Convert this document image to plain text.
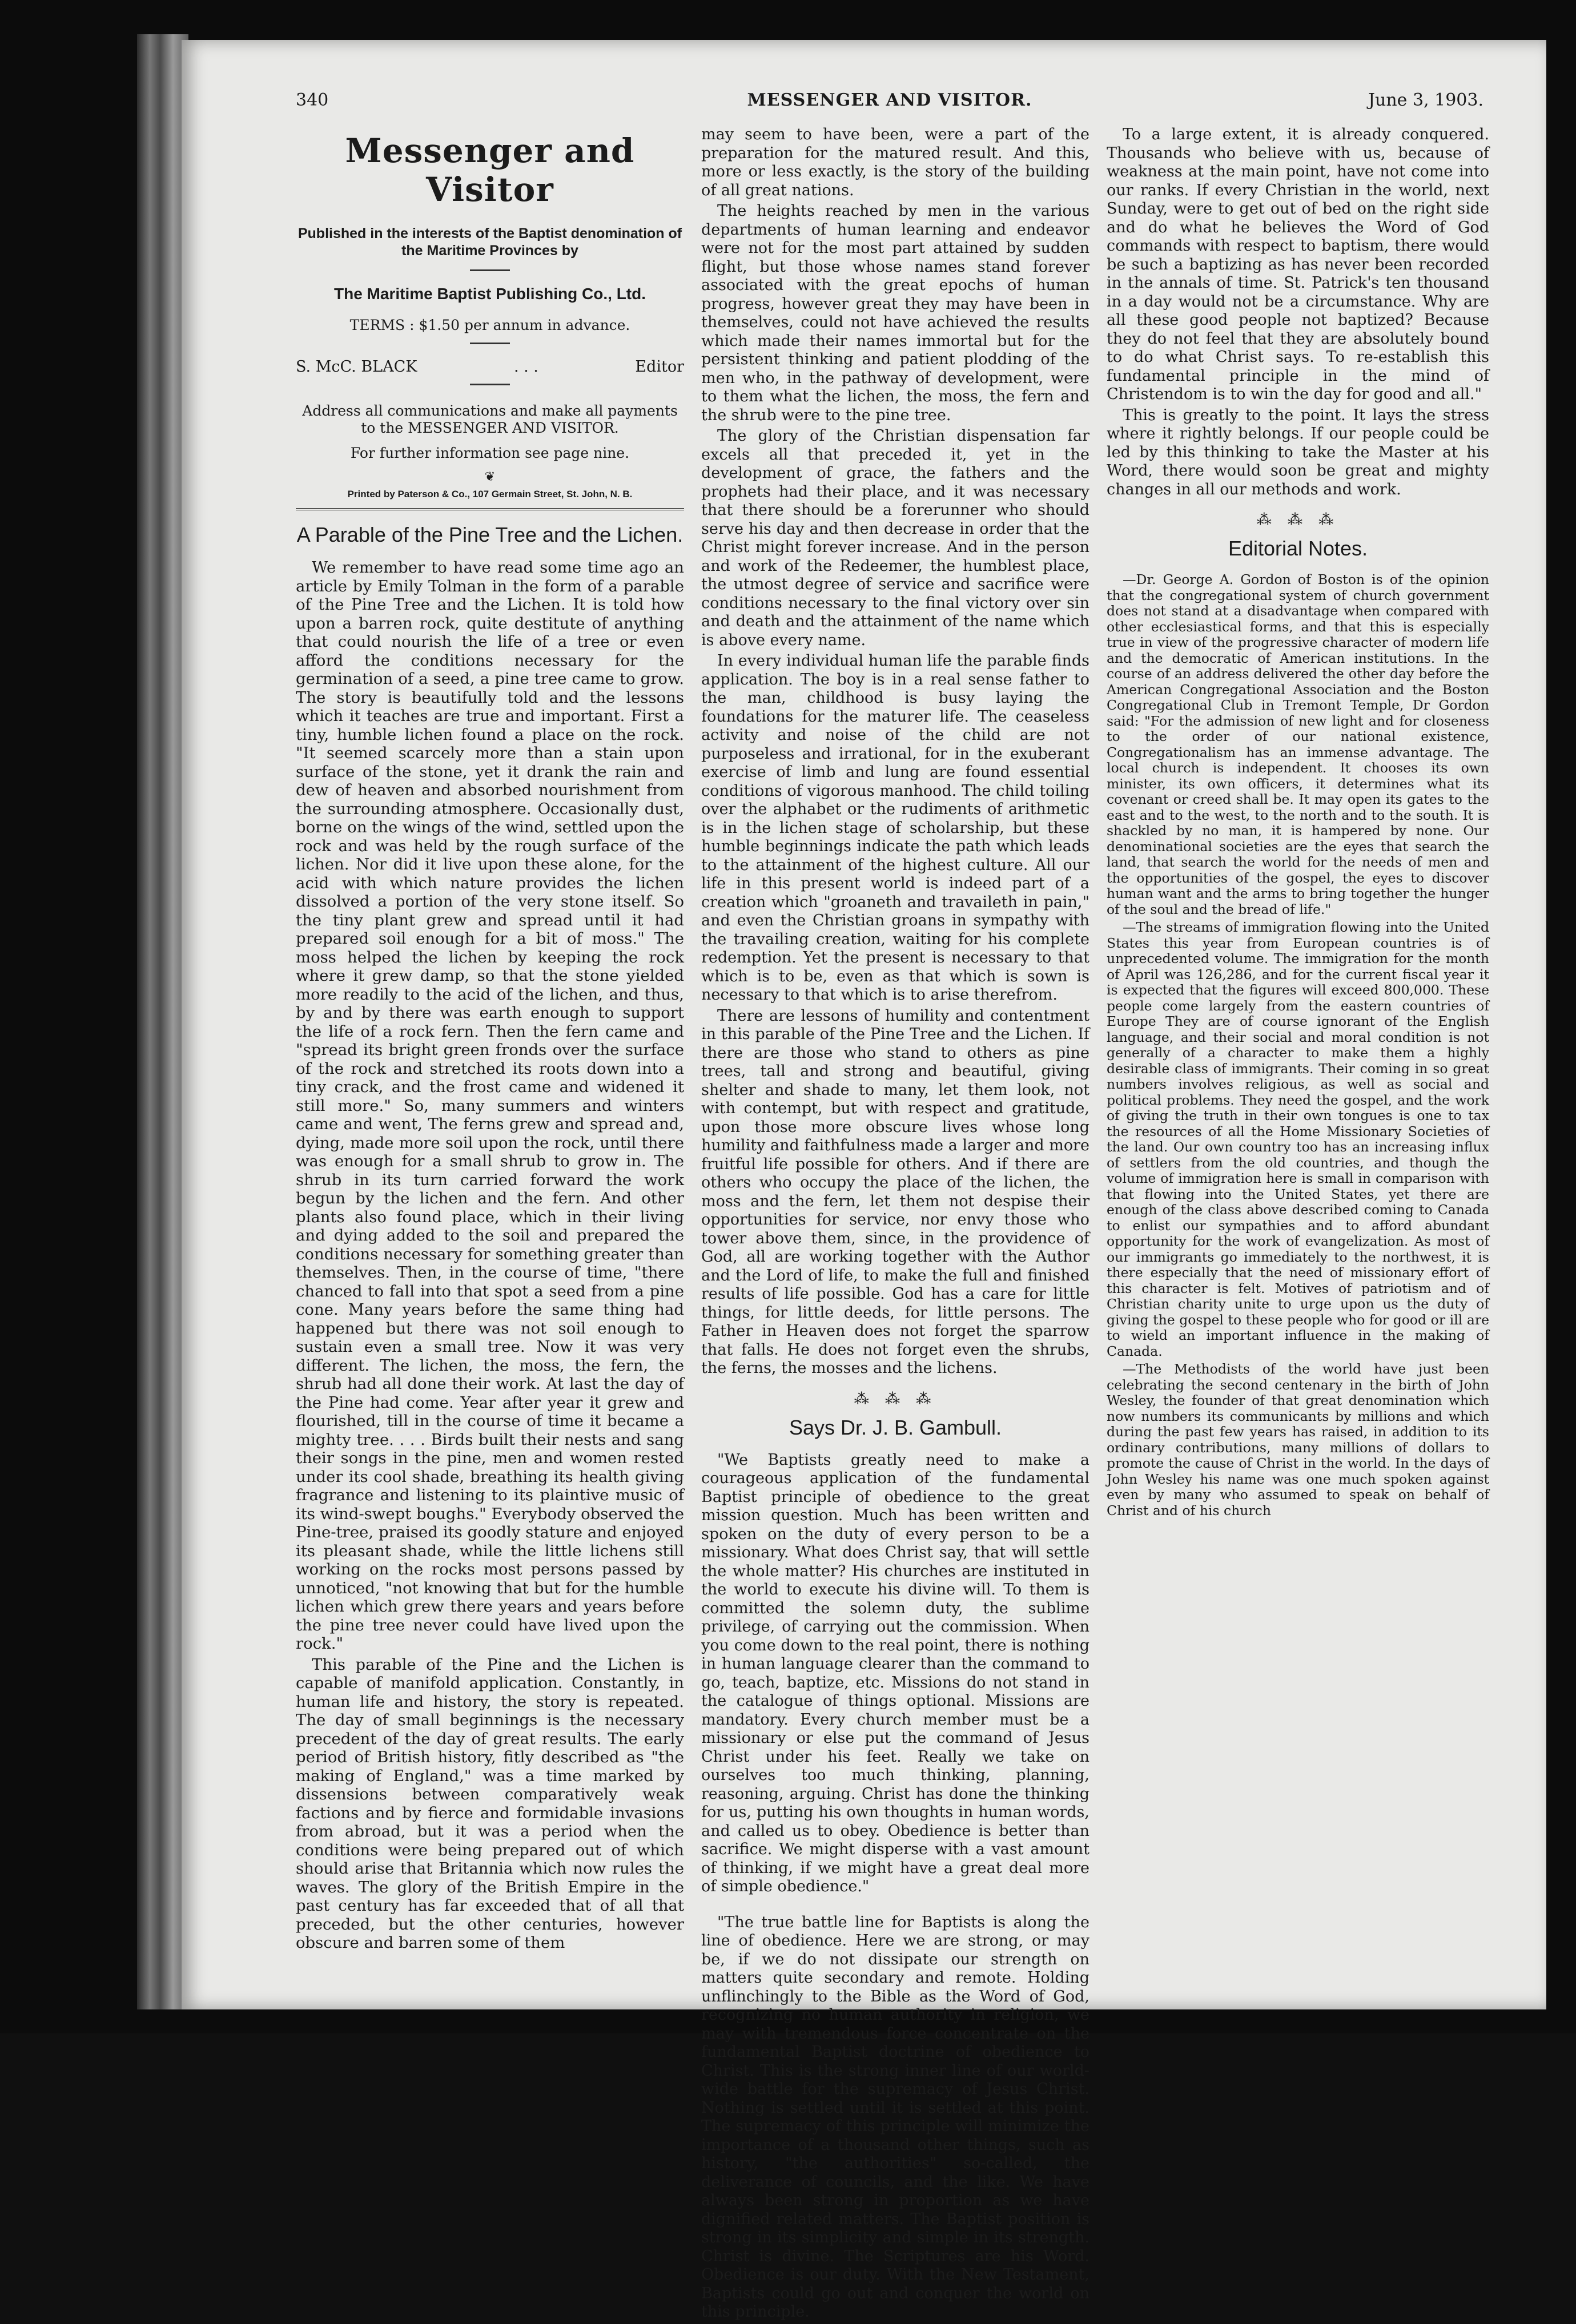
340	MESSENGER AND VISITOR.	June 3, 1903.
Messenger and Visitor
Published in the interests of the Baptist denomination of the Maritime Provinces by
The Maritime Baptist Publishing Co., Ltd.
TERMS : $1.50 per annum in advance.
S. McC. BLACK	. . .	Editor
Address all communications and make all payments to the MESSENGER AND VISITOR.
For further information see page nine.
❦
Printed by Paterson & Co., 107 Germain Street, St. John, N. B.
A Parable of the Pine Tree and the Lichen.

We remember to have read some time ago an article by Emily Tolman in the form of a parable of the Pine Tree and the Lichen. It is told how upon a barren rock, quite destitute of anything that could nourish the life of a tree or even afford the conditions necessary for the germination of a seed, a pine tree came to grow. The story is beautifully told and the lessons which it teaches are true and important. First a tiny, humble lichen found a place on the rock. "It seemed scarcely more than a stain upon surface of the stone, yet it drank the rain and dew of heaven and absorbed nourishment from the surrounding atmosphere. Occasionally dust, borne on the wings of the wind, settled upon the rock and was held by the rough surface of the lichen. Nor did it live upon these alone, for the acid with which nature provides the lichen dissolved a portion of the very stone itself. So the tiny plant grew and spread until it had prepared soil enough for a bit of moss." The moss helped the lichen by keeping the rock where it grew damp, so that the stone yielded more readily to the acid of the lichen, and thus, by and by there was earth enough to support the life of a rock fern. Then the fern came and "spread its bright green fronds over the surface of the rock and stretched its roots down into a tiny crack, and the frost came and widened it still more." So, many summers and winters came and went, The ferns grew and spread and, dying, made more soil upon the rock, until there was enough for a small shrub to grow in. The shrub in its turn carried forward the work begun by the lichen and the fern. And other plants also found place, which in their living and dying added to the soil and prepared the conditions necessary for something greater than themselves. Then, in the course of time, "there chanced to fall into that spot a seed from a pine cone. Many years before the same thing had happened but there was not soil enough to sustain even a small tree. Now it was very different. The lichen, the moss, the fern, the shrub had all done their work. At last the day of the Pine had come. Year after year it grew and flourished, till in the course of time it became a mighty tree. . . . Birds built their nests and sang their songs in the pine, men and women rested under its cool shade, breathing its health giving fragrance and listening to its plaintive music of its wind-swept boughs." Everybody observed the Pine-tree, praised its goodly stature and enjoyed its pleasant shade, while the little lichens still working on the rocks most persons passed by unnoticed, "not knowing that but for the humble lichen which grew there years and years before the pine tree never could have lived upon the rock."

This parable of the Pine and the Lichen is capable of manifold application. Constantly, in human life and history, the story is repeated. The day of small beginnings is the necessary precedent of the day of great results. The early period of British history, fitly described as "the making of England," was a time marked by dissensions between comparatively weak factions and by fierce and formidable invasions from abroad, but it was a period when the conditions were being prepared out of which should arise that Britannia which now rules the waves. The glory of the British Empire in the past century has far exceeded that of all that preceded, but the other centuries, however obscure and barren some of them

may seem to have been, were a part of the preparation for the matured result. And this, more or less exactly, is the story of the building of all great nations.

The heights reached by men in the various departments of human learning and endeavor were not for the most part attained by sudden flight, but those whose names stand forever associated with the great epochs of human progress, however great they may have been in themselves, could not have achieved the results which made their names immortal but for the persistent thinking and patient plodding of the men who, in the pathway of development, were to them what the lichen, the moss, the fern and the shrub were to the pine tree.

The glory of the Christian dispensation far excels all that preceded it, yet in the development of grace, the fathers and the prophets had their place, and it was necessary that there should be a forerunner who should serve his day and then decrease in order that the Christ might forever increase. And in the person and work of the Redeemer, the humblest place, the utmost degree of service and sacrifice were conditions necessary to the final victory over sin and death and the attainment of the name which is above every name.

In every individual human life the parable finds application. The boy is in a real sense father to the man, childhood is busy laying the foundations for the maturer life. The ceaseless activity and noise of the child are not purposeless and irrational, for in the exuberant exercise of limb and lung are found essential conditions of vigorous manhood. The child toiling over the alphabet or the rudiments of arithmetic is in the lichen stage of scholarship, but these humble beginnings indicate the path which leads to the attainment of the highest culture. All our life in this present world is indeed part of a creation which "groaneth and travaileth in pain," and even the Christian groans in sympathy with the travailing creation, waiting for his complete redemption. Yet the present is necessary to that which is to be, even as that which is sown is necessary to that which is to arise therefrom.

There are lessons of humility and contentment in this parable of the Pine Tree and the Lichen. If there are those who stand to others as pine trees, tall and strong and beautiful, giving shelter and shade to many, let them look, not with contempt, but with respect and gratitude, upon those more obscure lives whose long humility and faithfulness made a larger and more fruitful life possible for others. And if there are others who occupy the place of the lichen, the moss and the fern, let them not despise their opportunities for service, nor envy those who tower above them, since, in the providence of God, all are working together with the Author and the Lord of life, to make the full and finished results of life possible. God has a care for little things, for little deeds, for little persons. The Father in Heaven does not forget the sparrow that falls. He does not forget even the shrubs, the ferns, the mosses and the lichens.

⁂ ⁂ ⁂
Says Dr. J. B. Gambull.

"We Baptists greatly need to make a courageous application of the fundamental Baptist principle of obedience to the great mission question. Much has been written and spoken on the duty of every person to be a missionary. What does Christ say, that will settle the whole matter? His churches are instituted in the world to execute his divine will. To them is committed the solemn duty, the sublime privilege, of carrying out the commission. When you come down to the real point, there is nothing in human language clearer than the command to go, teach, baptize, etc. Missions do not stand in the catalogue of things optional. Missions are mandatory. Every church member must be a missionary or else put the command of Jesus Christ under his feet. Really we take on ourselves too much thinking, planning, reasoning, arguing. Christ has done the thinking for us, putting his own thoughts in human words, and called us to obey. Obedience is better than sacrifice. We might disperse with a vast amount of thinking, if we might have a great deal more of simple obedience."

"The true battle line for Baptists is along the line of obedience. Here we are strong, or may be, if we do not dissipate our strength on matters quite secondary and remote. Holding unflinchingly to the Bible as the Word of God, recognizing no human authority in religion, we may with tremendous force concentrate on the fundamental Baptist doctrine of obedience to Christ. This is the strong inner line of our world-wide battle for the supremacy of Jesus Christ. Nothing is settled until it is settled at this point. The supremacy of this principle will minimize the importance of a thousand other things, such as history, "the authorities" so-called, the deliverance of councils, and the like. We have always been strong in proportion as we have dignified related matters. The Baptist position is strong in its simplicity and simple in its strength. Christ is divine. The Scriptures are his Word. Obedience is our duty. With the New Testament, Baptists could go out and conquer the world on this principle.

To a large extent, it is already conquered. Thousands who believe with us, because of weakness at the main point, have not come into our ranks. If every Christian in the world, next Sunday, were to get out of bed on the right side and do what he believes the Word of God commands with respect to baptism, there would be such a baptizing as has never been recorded in the annals of time. St. Patrick's ten thousand in a day would not be a circumstance. Why are all these good people not baptized? Because they do not feel that they are absolutely bound to do what Christ says. To re-establish this fundamental principle in the mind of Christendom is to win the day for good and all."

This is greatly to the point. It lays the stress where it rightly belongs. If our people could be led by this thinking to take the Master at his Word, there would soon be great and mighty changes in all our methods and work.

⁂ ⁂ ⁂
Editorial Notes.

—Dr. George A. Gordon of Boston is of the opinion that the congregational system of church government does not stand at a disadvantage when compared with other ecclesiastical forms, and that this is especially true in view of the progressive character of modern life and the democratic of American institutions. In the course of an address delivered the other day before the American Congregational Association and the Boston Congregational Club in Tremont Temple, Dr Gordon said: "For the admission of new light and for closeness to the order of our national existence, Congregationalism has an immense advantage. The local church is independent. It chooses its own minister, its own officers, it determines what its covenant or creed shall be. It may open its gates to the east and to the west, to the north and to the south. It is shackled by no man, it is hampered by none. Our denominational societies are the eyes that search the land, that search the world for the needs of men and the opportunities of the gospel, the eyes to discover human want and the arms to bring together the hunger of the soul and the bread of life."

—The streams of immigration flowing into the United States this year from European countries is of unprecedented volume. The immigration for the month of April was 126,286, and for the current fiscal year it is expected that the figures will exceed 800,000. These people come largely from the eastern countries of Europe They are of course ignorant of the English language, and their social and moral condition is not generally of a character to make them a highly desirable class of immigrants. Their coming in so great numbers involves religious, as well as social and political problems. They need the gospel, and the work of giving the truth in their own tongues is one to tax the resources of all the Home Missionary Societies of the land. Our own country too has an increasing influx of settlers from the old countries, and though the volume of immigration here is small in comparison with that flowing into the United States, yet there are enough of the class above described coming to Canada to enlist our sympathies and to afford abundant opportunity for the work of evangelization. As most of our immigrants go immediately to the northwest, it is there especially that the need of missionary effort of this character is felt. Motives of patriotism and of Christian charity unite to urge upon us the duty of giving the gospel to these people who for good or ill are to wield an important influence in the making of Canada.

—The Methodists of the world have just been celebrating the second centenary in the birth of John Wesley, the founder of that great denomination which now numbers its communicants by millions and which during the past few years has raised, in addition to its ordinary contributions, many millions of dollars to promote the cause of Christ in the world. In the days of John Wesley his name was one much spoken against even by many who assumed to speak on behalf of Christ and of his church
